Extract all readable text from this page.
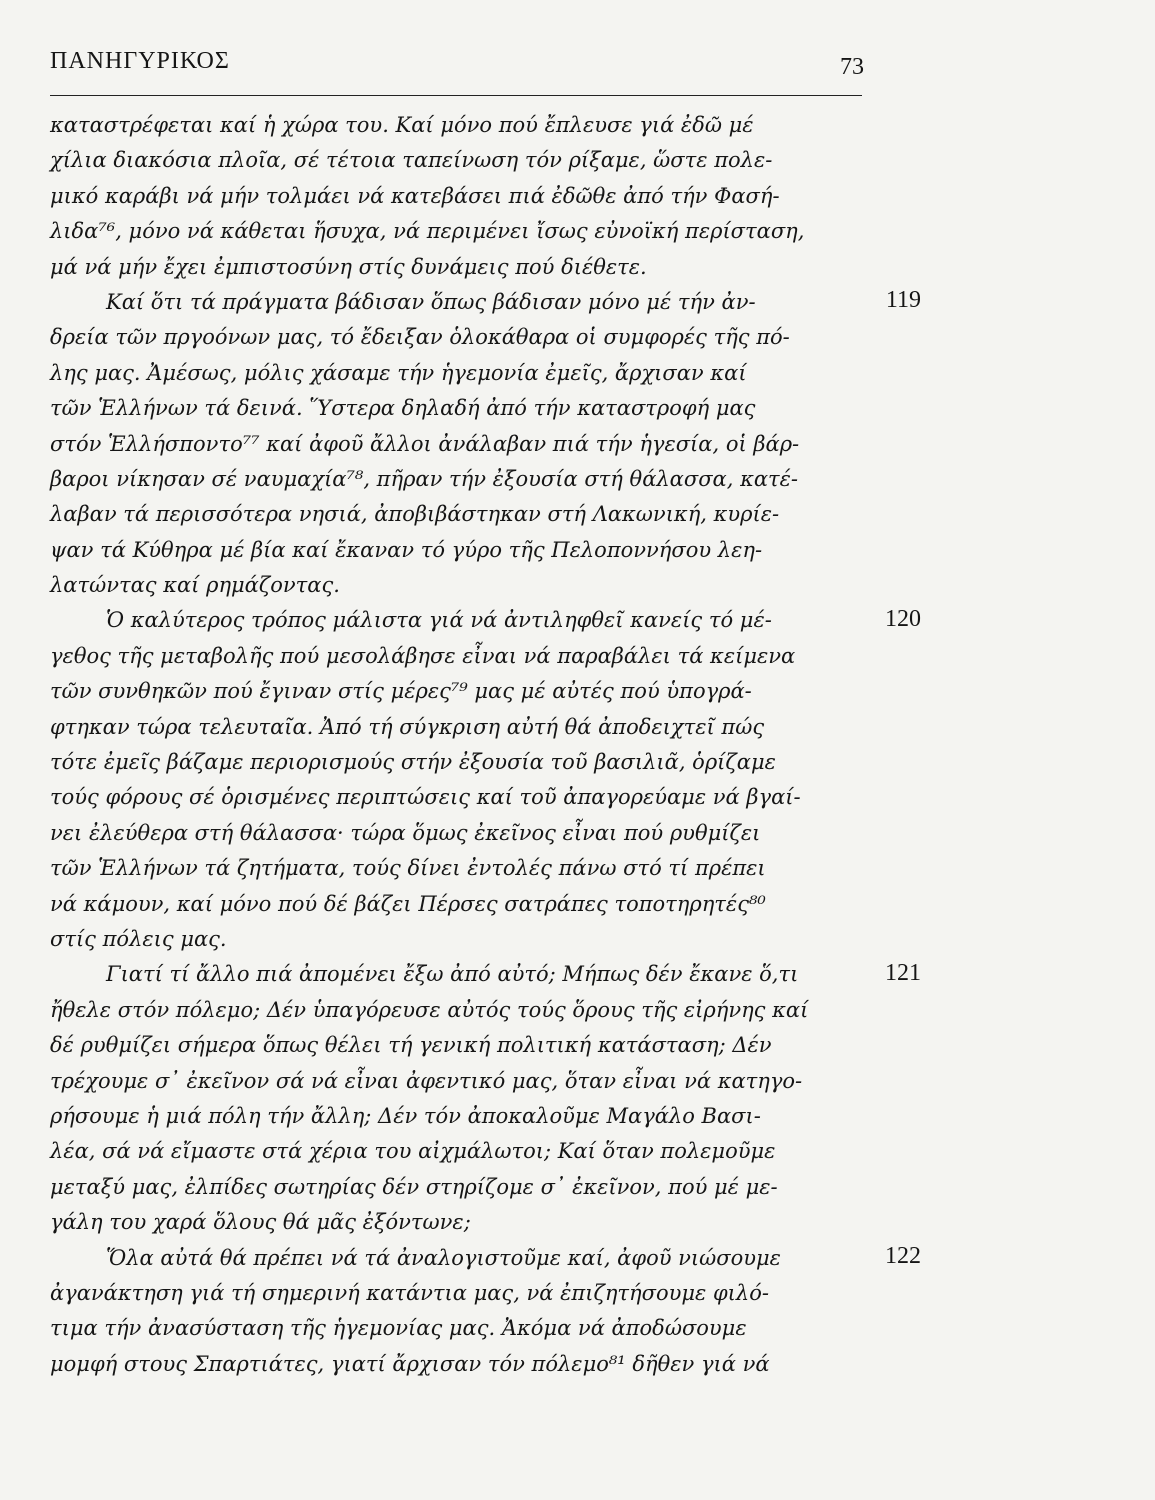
ΠΑΝΗΓΥΡΙΚΟΣ	73
καταστρέφεται καί ἡ χώρα του. Καί μόνο πού ἔπλευσε γιά ἐδῶ μέ
χίλια διακόσια πλοῖα, σέ τέτοια ταπείνωση τόν ρίξαμε, ὥστε πολε-
μικό καράβι νά μήν τολμάει νά κατεβάσει πιά ἐδῶθε ἀπό τήν Φασή-
λιδα⁷⁶, μόνο νά κάθεται ἥσυχα, νά περιμένει ἴσως εὐνοϊκή περίσταση,
μά νά μήν ἔχει ἐμπιστοσύνη στίς δυνάμεις πού διέθετε.
Καί ὅτι τά πράγματα βάδισαν ὅπως βάδισαν μόνο μέ τήν ἀν-
δρεία τῶν πργοόνων μας, τό ἔδειξαν ὁλοκάθαρα οἱ συμφορές τῆς πό-
λης μας. Ἀμέσως, μόλις χάσαμε τήν ἡγεμονία ἐμεῖς, ἄρχισαν καί
τῶν Ἑλλήνων τά δεινά. Ὕστερα δηλαδή ἀπό τήν καταστροφή μας
στόν Ἑλλήσποντο⁷⁷ καί ἀφοῦ ἄλλοι ἀνάλαβαν πιά τήν ἡγεσία, οἱ βάρ-
βαροι νίκησαν σέ ναυμαχία⁷⁸, πῆραν τήν ἐξουσία στή θάλασσα, κατέ-
λαβαν τά περισσότερα νησιά, ἀποβιβάστηκαν στή Λακωνική, κυρίε-
ψαν τά Κύθηρα μέ βία καί ἔκαναν τό γύρο τῆς Πελοποννήσου λεη-
λατώντας καί ρημάζοντας.
Ὁ καλύτερος τρόπος μάλιστα γιά νά ἀντιληφθεῖ κανείς τό μέ-
γεθος τῆς μεταβολῆς πού μεσολάβησε εἶναι νά παραβάλει τά κείμενα
τῶν συνθηκῶν πού ἔγιναν στίς μέρες⁷⁹ μας μέ αὐτές πού ὑπογρά-
φτηκαν τώρα τελευταῖα. Ἀπό τή σύγκριση αὐτή θά ἀποδειχτεῖ πώς
τότε ἐμεῖς βάζαμε περιορισμούς στήν ἐξουσία τοῦ βασιλιᾶ, ὁρίζαμε
τούς φόρους σέ ὁρισμένες περιπτώσεις καί τοῦ ἀπαγορεύαμε νά βγαί-
νει ἐλεύθερα στή θάλασσα· τώρα ὅμως ἐκεῖνος εἶναι πού ρυθμίζει
τῶν Ἑλλήνων τά ζητήματα, τούς δίνει ἐντολές πάνω στό τί πρέπει
νά κάμουν, καί μόνο πού δέ βάζει Πέρσες σατράπες τοποτηρητές⁸⁰
στίς πόλεις μας.
Γιατί τί ἄλλο πιά ἀπομένει ἔξω ἀπό αὐτό; Μήπως δέν ἔκανε ὅ,τι
ἤθελε στόν πόλεμο; Δέν ὑπαγόρευσε αὐτός τούς ὅρους τῆς εἰρήνης καί
δέ ρυθμίζει σήμερα ὅπως θέλει τή γενική πολιτική κατάσταση; Δέν
τρέχουμε σ᾽ ἐκεῖνον σά νά εἶναι ἀφεντικό μας, ὅταν εἶναι νά κατηγο-
ρήσουμε ἡ μιά πόλη τήν ἄλλη; Δέν τόν ἀποκαλοῦμε Μαγάλο Βασι-
λέα, σά νά εἴμαστε στά χέρια του αἰχμάλωτοι; Καί ὅταν πολεμοῦμε
μεταξύ μας, ἐλπίδες σωτηρίας δέν στηρίζομε σ᾽ ἐκεῖνον, πού μέ με-
γάλη του χαρά ὅλους θά μᾶς ἐξόντωνε;
Ὅλα αὐτά θά πρέπει νά τά ἀναλογιστοῦμε καί, ἀφοῦ νιώσουμε
ἀγανάκτηση γιά τή σημερινή κατάντια μας, νά ἐπιζητήσουμε φιλό-
τιμα τήν ἀνασύσταση τῆς ἡγεμονίας μας. Ἀκόμα νά ἀποδώσουμε
μομφή στους Σπαρτιάτες, γιατί ἄρχισαν τόν πόλεμο⁸¹ δῆθεν γιά νά
119
120
121
122
